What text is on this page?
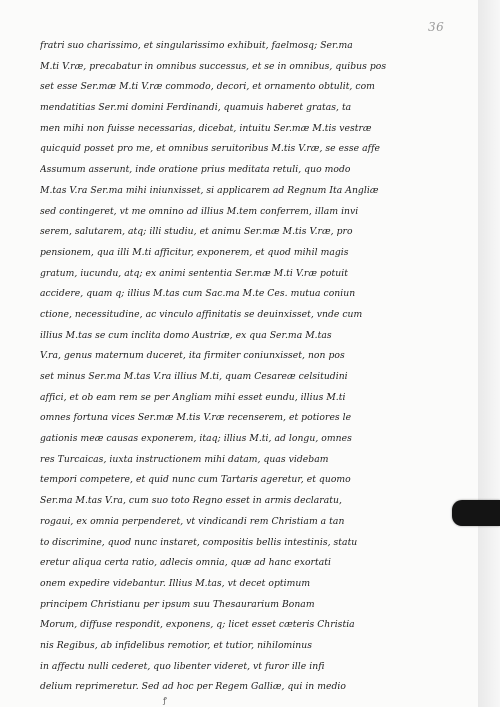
36
fratri suo charissimo, et singularissimo exhibuit, faelmosq; Ser.ma
M.ti V.ræ, precabatur in omnibus successus, et se in omnibus, quibus pos
set esse Ser.mæ M.ti V.ræ commodo, decori, et ornamento obtulit, com
mendatitias Ser.mi domini Ferdinandi, quamuis haberet gratas, ta
men mihi non fuisse necessarias, dicebat, intuitu Ser.mæ M.tis vestræ
quicquid posset pro me, et omnibus seruitoribus M.tis V.ræ, se esse affe
Assumum asserunt, inde oratione prius meditata retuli, quo modo
M.tas V.ra Ser.ma mihi iniunxisset, si applicarem ad Regnum Ita Angliæ
sed contingeret, vt me omnino ad illius M.tem conferrem, illam invi
serem, salutarem, atq; illi studiu, et animu Ser.mæ M.tis V.ræ, pro
pensionem, qua illi M.ti afficitur, exponerem, et quod mihil magis
gratum, iucundu, atq; ex animi sententia Ser.mæ M.ti V.ræ potuit
accidere, quam q; illius M.tas cum Sac.ma M.te Ces. mutua coniun
ctione, necessitudine, ac vinculo affinitatis se deuinxisset, vnde cum
illius M.tas se cum inclita domo Austriæ, ex qua Ser.ma M.tas
V.ra, genus maternum duceret, ita firmiter coniunxisset, non pos
set minus Ser.ma M.tas V.ra illius M.ti, quam Cesareæ celsitudini
affici, et ob eam rem se per Angliam mihi esset eundu, illius M.ti
omnes fortuna vices Ser.mæ M.tis V.ræ recenserem, et potiores le
gationis meæ causas exponerem, itaq; illius M.ti, ad longu, omnes
res Turcaicas, iuxta instructionem mihi datam, quas videbam
tempori competere, et quid nunc cum Tartaris ageretur, et quomo
Ser.ma M.tas V.ra, cum suo toto Regno esset in armis declaratu,
rogaui, ex omnia perpenderet, vt vindicandi rem Christiam a tan
to discrimine, quod nunc instaret, compositis bellis intestinis, statu
eretur aliqua certa ratio, adlecis omnia, quæ ad hanc exortati
onem expedire videbantur. Illius M.tas, vt decet optimum
principem Christianu per ipsum suu Thesaurarium Bonam
Morum, diffuse respondit, exponens, q; licet esset cæteris Christia
nis Regibus, ab infidelibus remotior, et tutior, nihilominus
in affectu nulli cederet, quo libenter videret, vt furor ille infi
delium reprimeretur. Sed ad hoc per Regem Galliæ, qui in medio
ꝭ
